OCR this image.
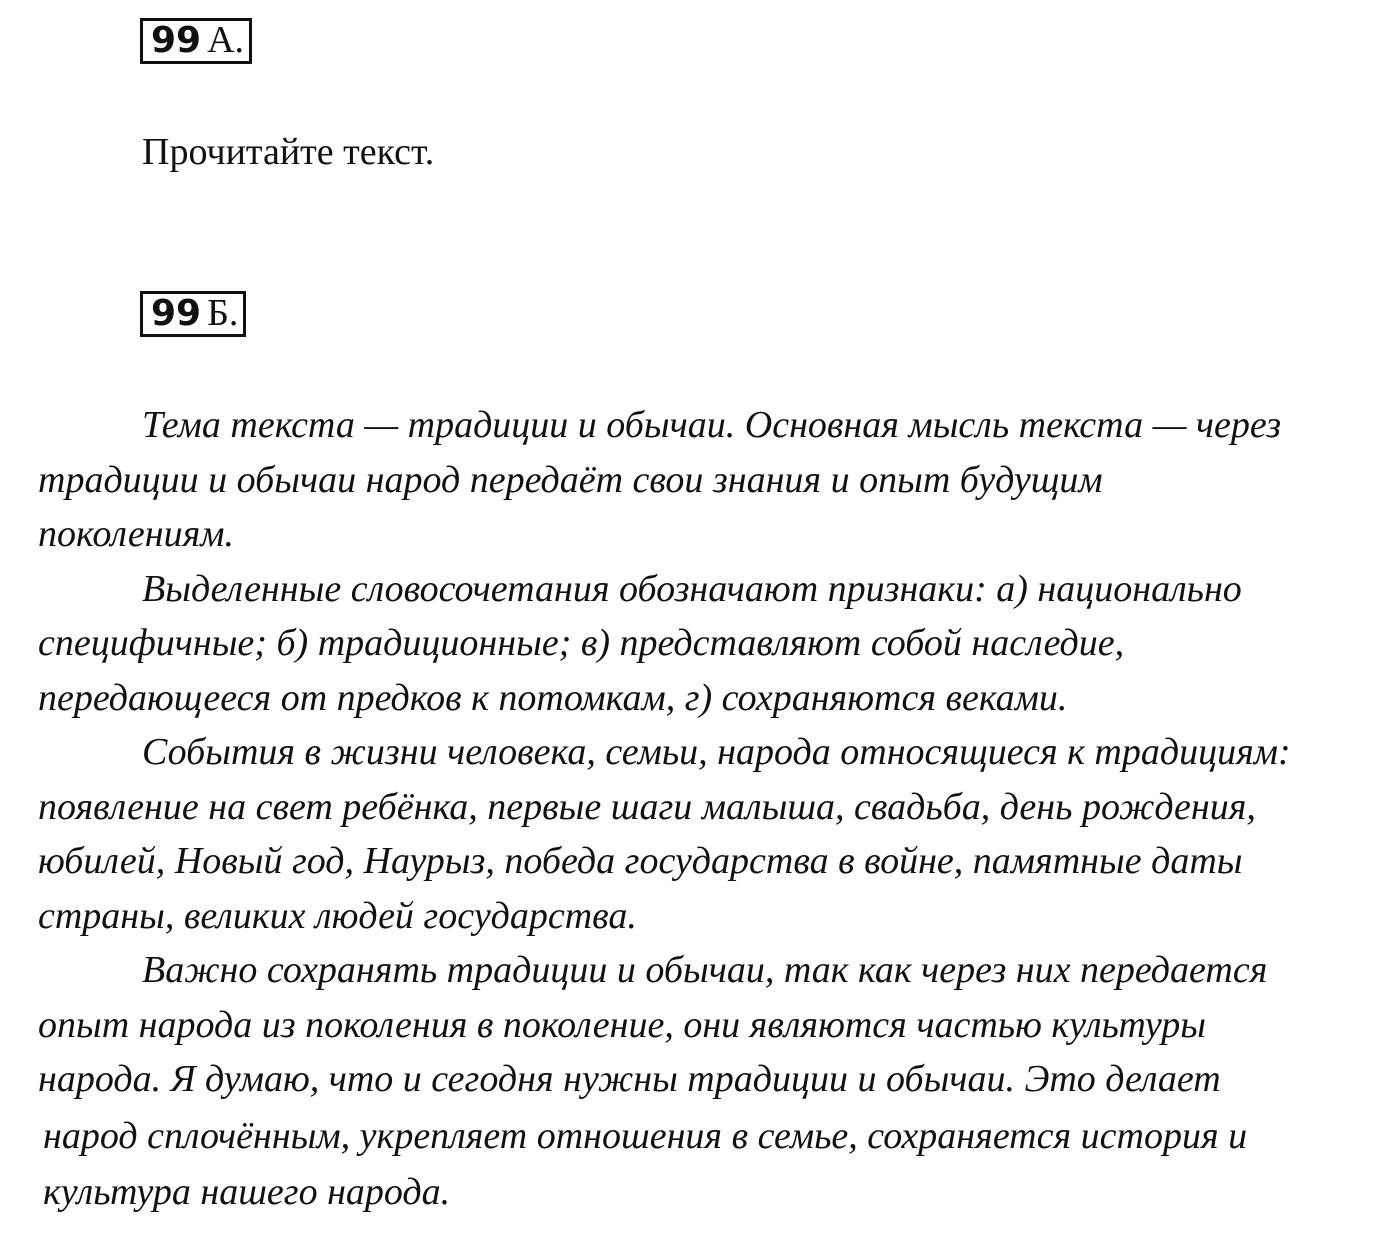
99 А.
Прочитайте текст.
99 Б.

Тема текста — традиции и обычаи. Основная мысль текста — через
традиции и обычаи народ передаёт свои знания и опыт будущим
поколениям.

Выделенные словосочетания обозначают признаки: а) национально
специфичные; б) традиционные; в) представляют собой наследие,
передающееся от предков к потомкам, г) сохраняются веками.

События в жизни человека, семьи, народа относящиеся к традициям:
появление на свет ребёнка, первые шаги малыша, свадьба, день рождения,
юбилей, Новый год, Наурыз, победа государства в войне, памятные даты
страны, великих людей государства.

Важно сохранять традиции и обычаи, так как через них передается
опыт народа из поколения в поколение, они являются частью культуры
народа. Я думаю, что и сегодня нужны традиции и обычаи. Это делает
народ сплочённым, укрепляет отношения в семье, сохраняется история и
культура нашего народа.
